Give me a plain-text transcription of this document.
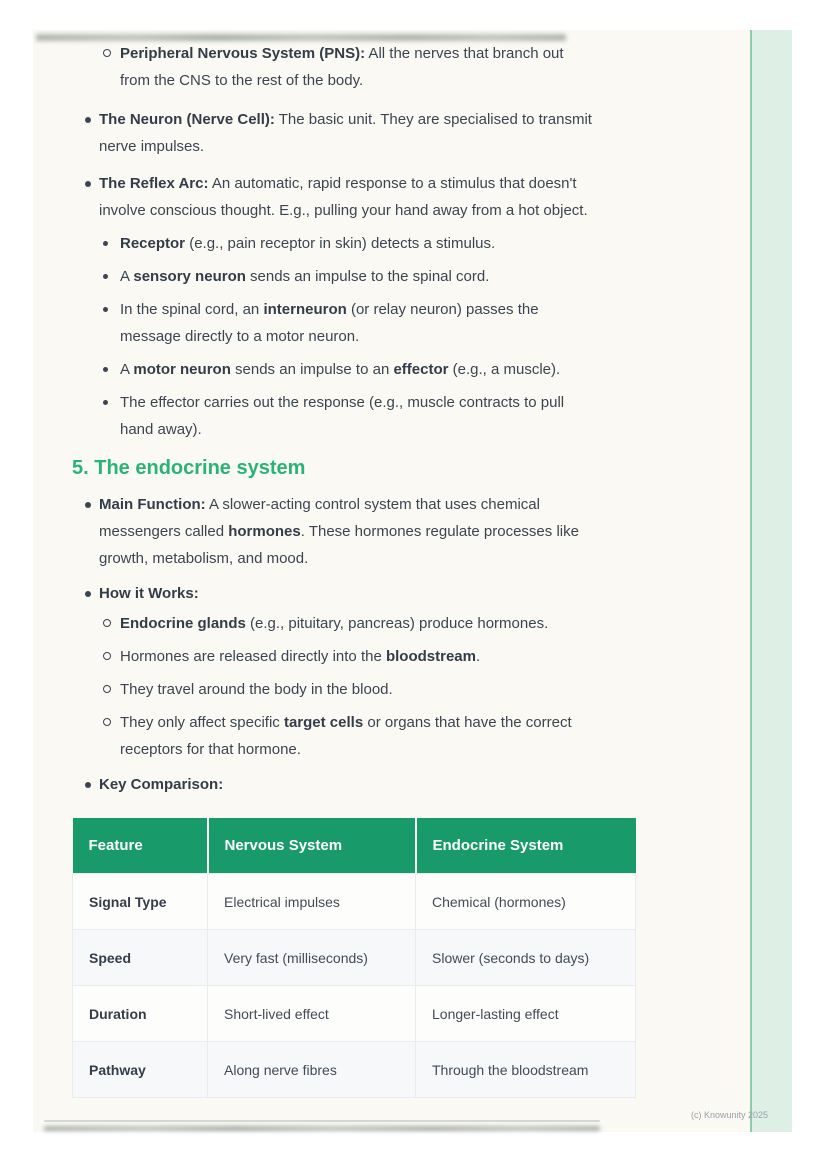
Peripheral Nervous System (PNS): All the nerves that branch out
from the CNS to the rest of the body.
The Neuron (Nerve Cell): The basic unit. They are specialised to transmit
nerve impulses.
The Reflex Arc: An automatic, rapid response to a stimulus that doesn't
involve conscious thought. E.g., pulling your hand away from a hot object.
Receptor (e.g., pain receptor in skin) detects a stimulus.
A sensory neuron sends an impulse to the spinal cord.
In the spinal cord, an interneuron (or relay neuron) passes the
message directly to a motor neuron.
A motor neuron sends an impulse to an effector (e.g., a muscle).
The effector carries out the response (e.g., muscle contracts to pull
hand away).
5. The endocrine system
Main Function: A slower-acting control system that uses chemical
messengers called hormones. These hormones regulate processes like
growth, metabolism, and mood.
How it Works:
Endocrine glands (e.g., pituitary, pancreas) produce hormones.
Hormones are released directly into the bloodstream.
They travel around the body in the blood.
They only affect specific target cells or organs that have the correct
receptors for that hormone.
Key Comparison:
Feature	Nervous System	Endocrine System
Signal Type	Electrical impulses	Chemical (hormones)
Speed	Very fast (milliseconds)	Slower (seconds to days)
Duration	Short-lived effect	Longer-lasting effect
Pathway	Along nerve fibres	Through the bloodstream
(c) Knowunity 2025
